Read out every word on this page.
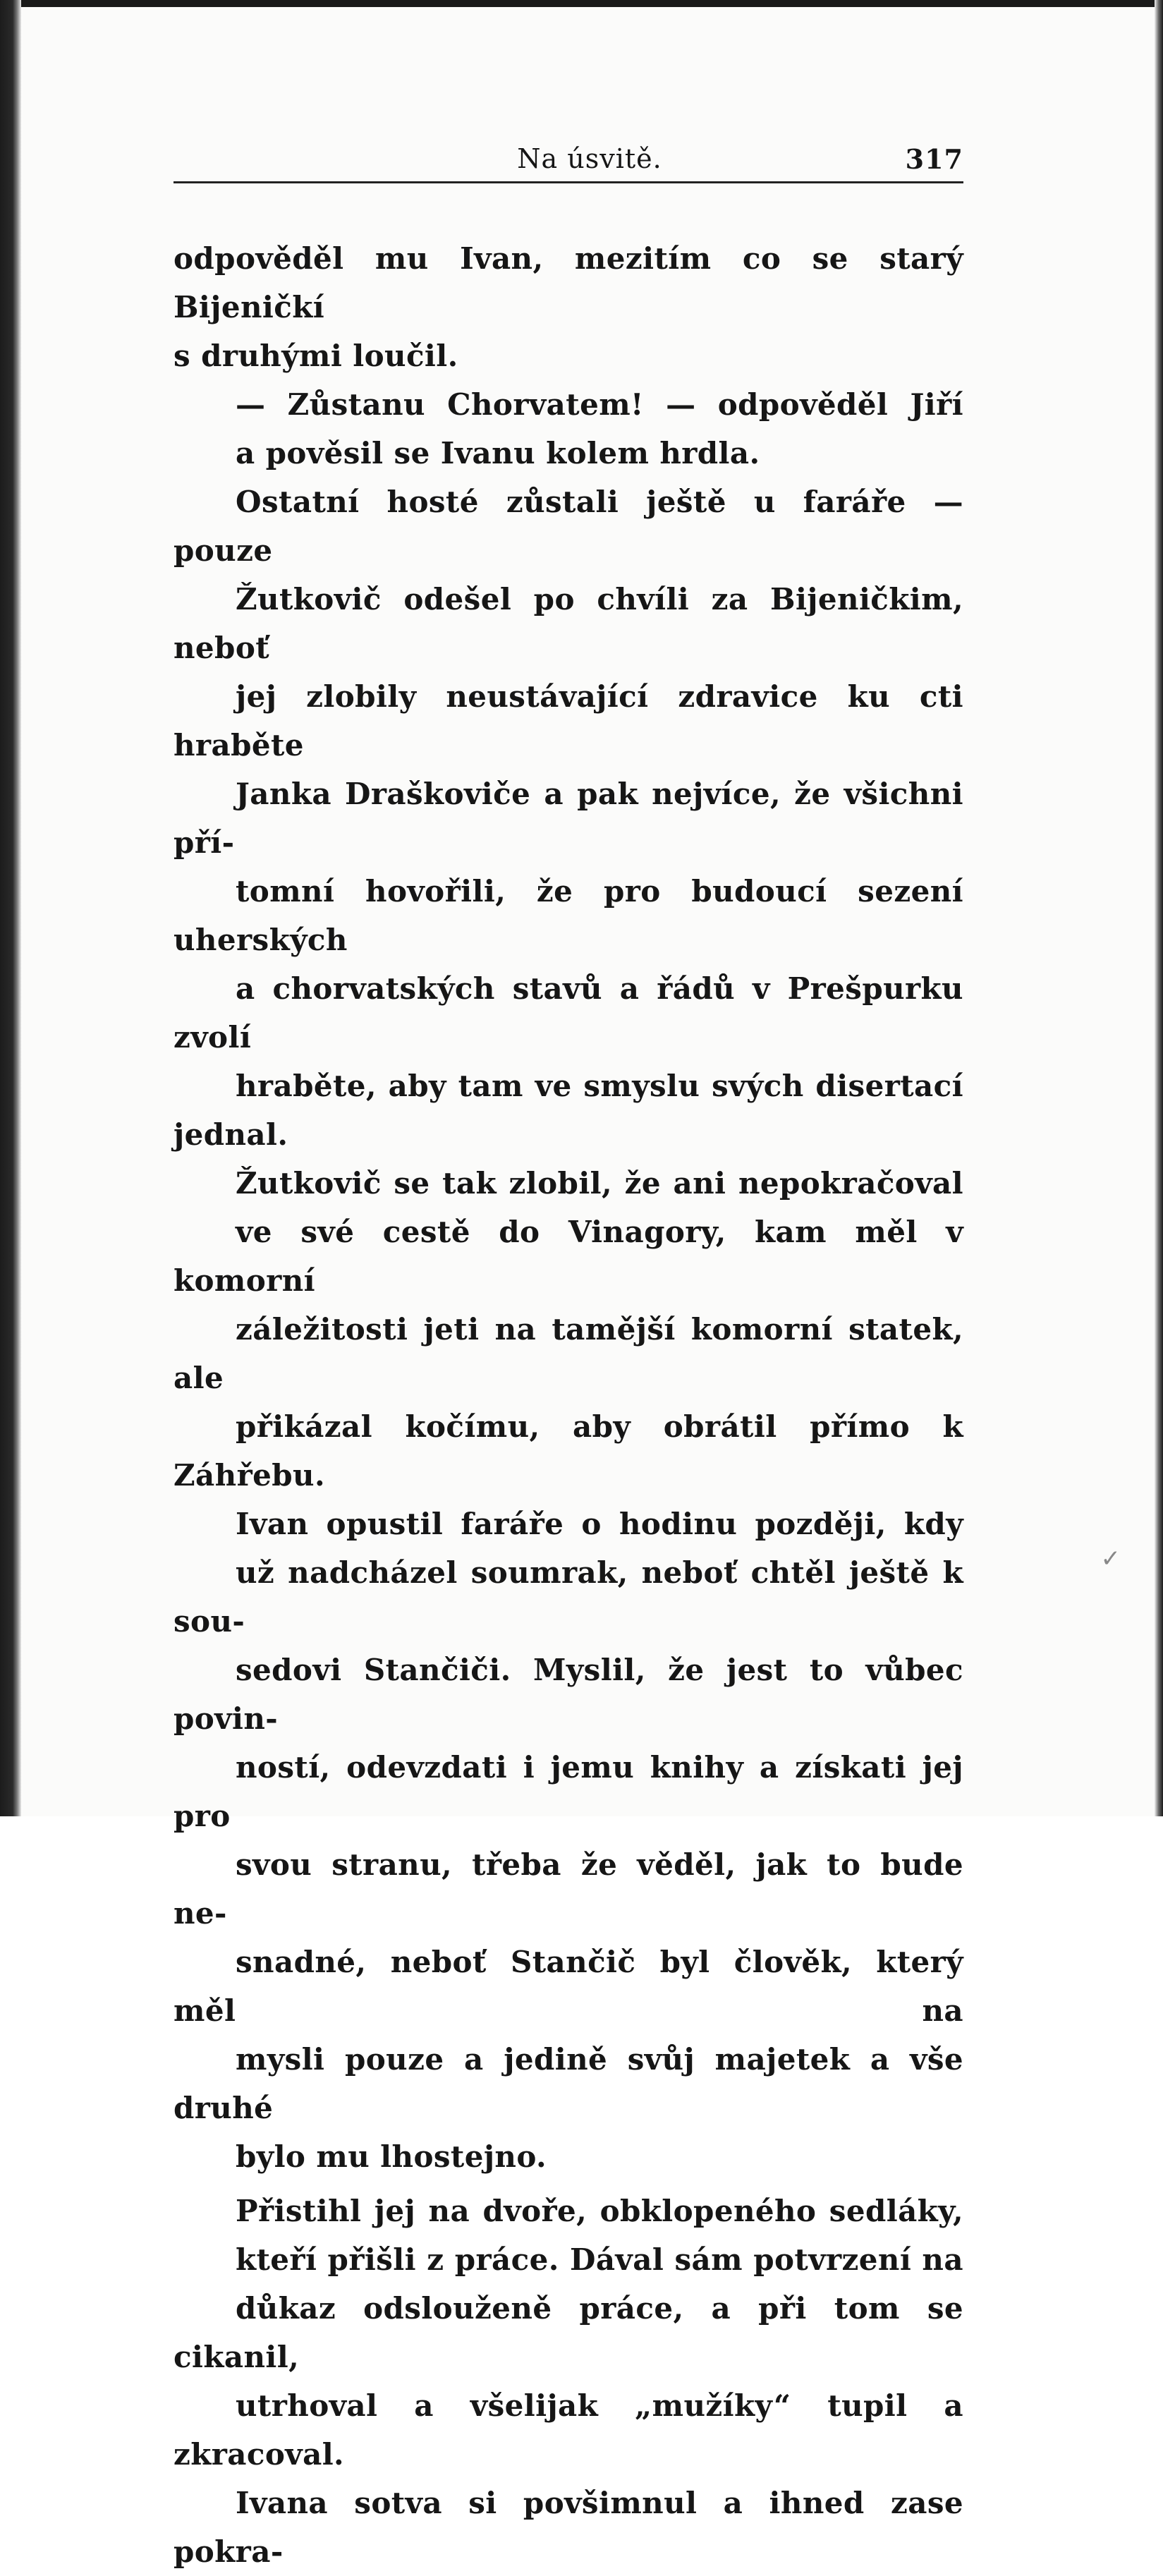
Na úsvitě.	317

odpověděl mu Ivan, mezitím co se starý Bijeničkí
s druhými loučil.

— Zůstanu Chorvatem! — odpověděl Jiří
a pověsil se Ivanu kolem hrdla.

Ostatní hosté zůstali ještě u faráře — pouze
Žutkovič odešel po chvíli za Bijeničkim, neboť
jej zlobily neustávající zdravice ku cti hraběte
Janka Draškoviče a pak nejvíce, že všichni pří-
tomní hovořili, že pro budoucí sezení uherských
a chorvatských stavů a řádů v Prešpurku zvolí
hraběte, aby tam ve smyslu svých disertací jednal.

Žutkovič se tak zlobil, že ani nepokračoval
ve své cestě do Vinagory, kam měl v komorní
záležitosti jeti na tamější komorní statek, ale
přikázal kočímu, aby obrátil přímo k Záhřebu.

Ivan opustil faráře o hodinu později, kdy
už nadcházel soumrak, neboť chtěl ještě k sou-
sedovi Stančiči. Myslil, že jest to vůbec povin-
ností, odevzdati i jemu knihy a získati jej pro
svou stranu, třeba že věděl, jak to bude ne-
snadné, neboť Stančič byl člověk, který měl na
mysli pouze a jedině svůj majetek a vše druhé
bylo mu lhostejno.

Přistihl jej na dvoře, obklopeného sedláky,
kteří přišli z práce. Dával sám potvrzení na
důkaz odslouženě práce, a při tom se cikanil,
utrhoval a všelijak „mužíky“ tupil a zkracoval.
Ivana sotva si povšimnul a ihned zase pokra-

✓
